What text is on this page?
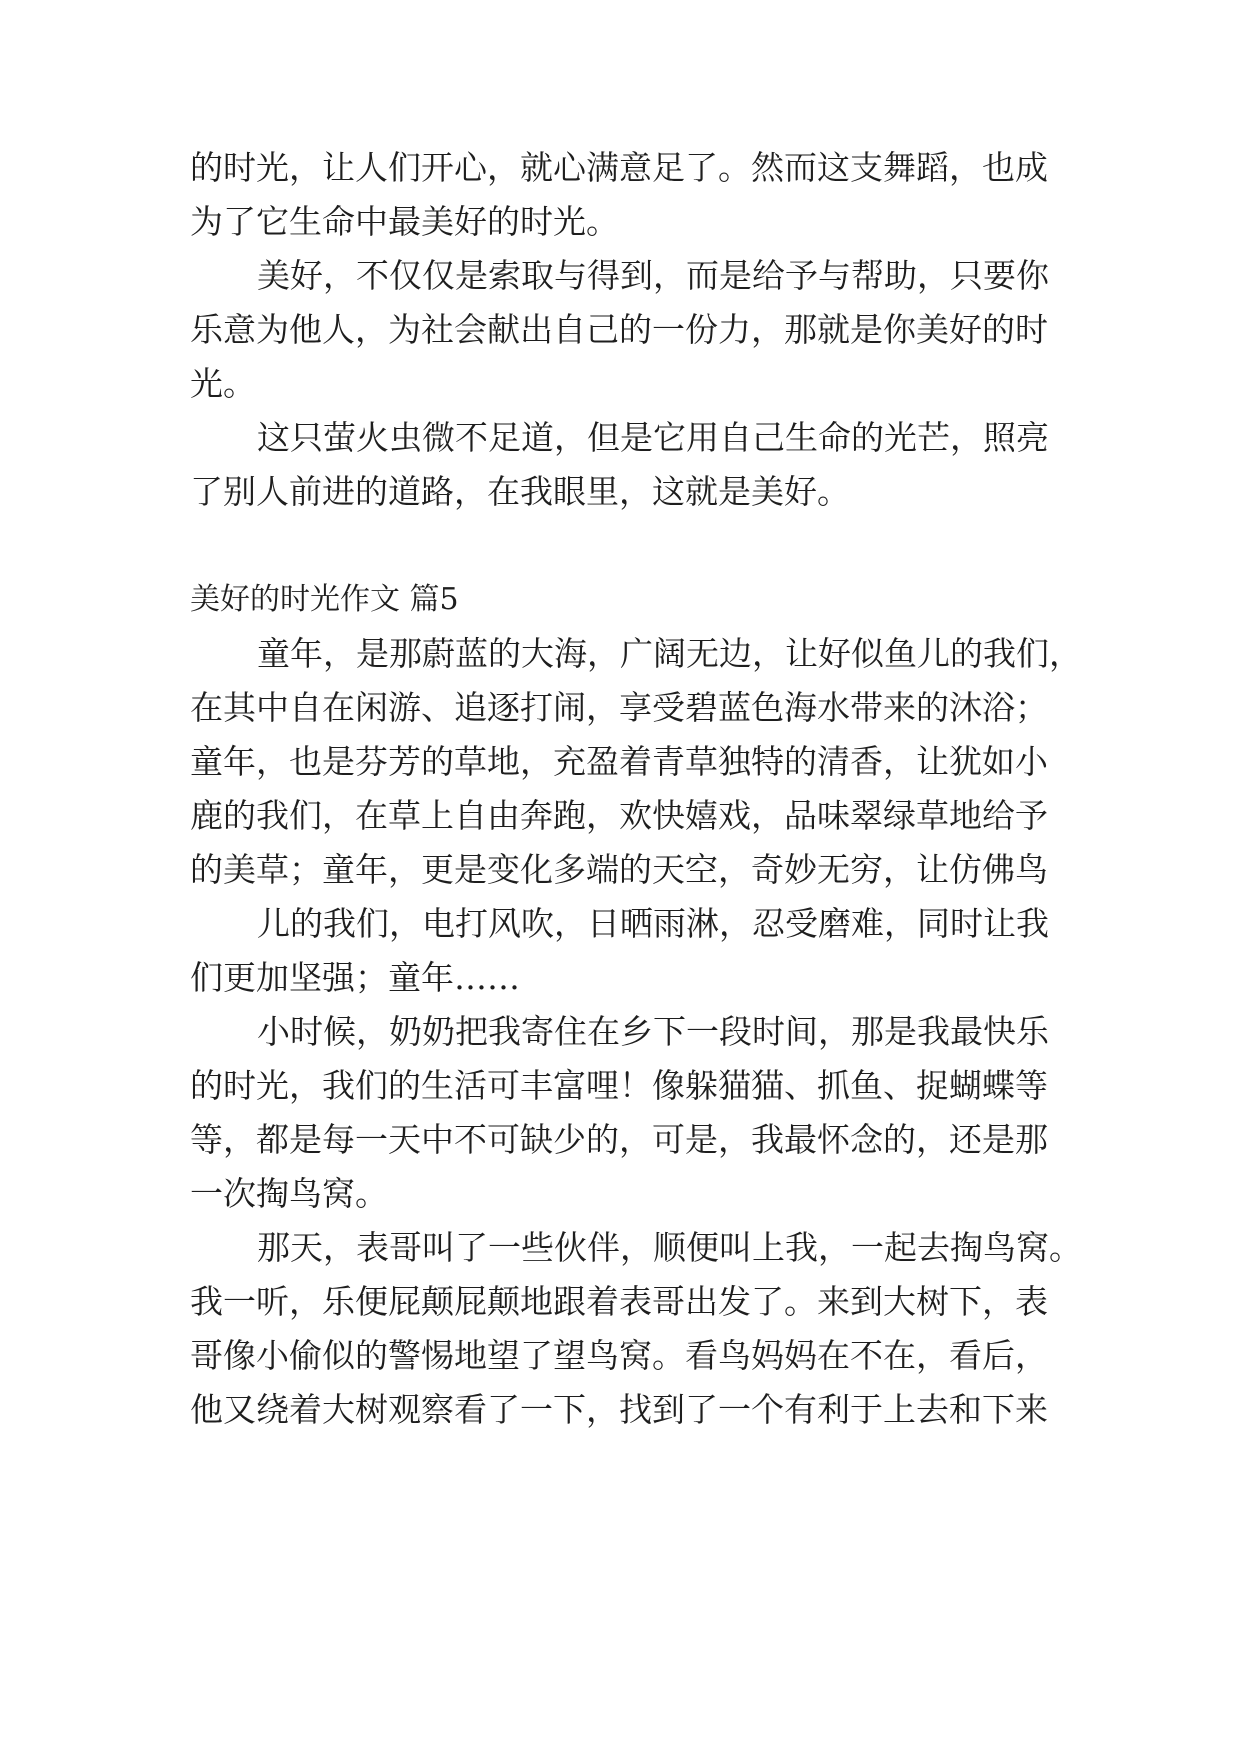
的时光，让人们开心，就心满意足了。然而这支舞蹈，也成
为了它生命中最美好的时光。
美好，不仅仅是索取与得到，而是给予与帮助，只要你
乐意为他人，为社会献出自己的一份力，那就是你美好的时
光。
这只萤火虫微不足道，但是它用自己生命的光芒，照亮
了别人前进的道路，在我眼里，这就是美好。
美好的时光作文 篇5
童年，是那蔚蓝的大海，广阔无边，让好似鱼儿的我们，
在其中自在闲游、追逐打闹，享受碧蓝色海水带来的沐浴；
童年，也是芬芳的草地，充盈着青草独特的清香，让犹如小
鹿的我们，在草上自由奔跑，欢快嬉戏，品味翠绿草地给予
的美草；童年，更是变化多端的天空，奇妙无穷，让仿佛鸟
儿的我们，电打风吹，日晒雨淋，忍受磨难，同时让我
们更加坚强；童年……
小时候，奶奶把我寄住在乡下一段时间，那是我最快乐
的时光，我们的生活可丰富哩！像躲猫猫、抓鱼、捉蝴蝶等
等，都是每一天中不可缺少的，可是，我最怀念的，还是那
一次掏鸟窝。
那天，表哥叫了一些伙伴，顺便叫上我，一起去掏鸟窝。
我一听，乐便屁颠屁颠地跟着表哥出发了。来到大树下，表
哥像小偷似的警惕地望了望鸟窝。看鸟妈妈在不在，看后，
他又绕着大树观察看了一下，找到了一个有利于上去和下来
